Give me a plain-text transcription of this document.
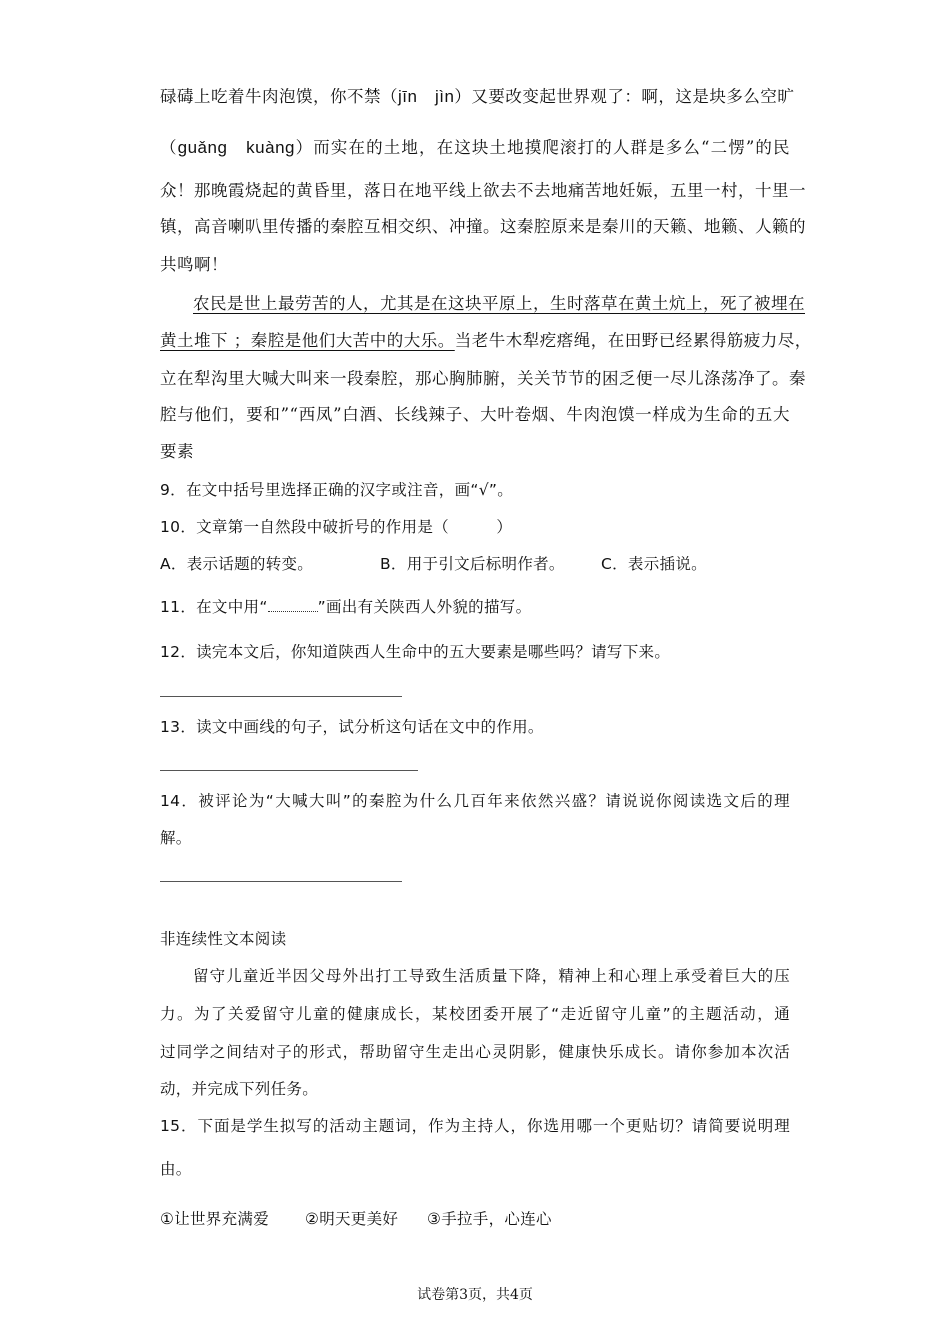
碌碡上吃着牛肉泡馍，你不禁（jīn　jìn）又要改变起世界观了：啊，这是块多么空旷
（guǎng　kuàng）而实在的土地，在这块土地摸爬滚打的人群是多么“二愣”的民
众！那晚霞烧起的黄昏里，落日在地平线上欲去不去地痛苦地妊娠，五里一村，十里一
镇，高音喇叭里传播的秦腔互相交织、冲撞。这秦腔原来是秦川的天籁、地籁、人籁的
共鸣啊！
农民是世上最劳苦的人，尤其是在这块平原上，生时落草在黄土炕上，死了被埋在
黄土堆下 ；秦腔是他们大苦中的大乐。当老牛木犁疙瘩绳，在田野已经累得筋疲力尽，
立在犁沟里大喊大叫来一段秦腔，那心胸肺腑，关关节节的困乏便一尽儿涤荡净了。秦
腔与他们，要和”“西凤”白酒、长线辣子、大叶卷烟、牛肉泡馍一样成为生命的五大
要素
9．在文中括号里选择正确的汉字或注音，画“√”。
10．文章第一自然段中破折号的作用是（　　　）
A．表示话题的转变。	B．用于引文后标明作者。 C．表示插说。
11．在文中用“	”画出有关陕西人外貌的描写。
12．读完本文后，你知道陕西人生命中的五大要素是哪些吗？请写下来。
13．读文中画线的句子，试分析这句话在文中的作用。
14．被评论为“大喊大叫”的秦腔为什么几百年来依然兴盛？请说说你阅读选文后的理
解。
非连续性文本阅读
留守儿童近半因父母外出打工导致生活质量下降，精神上和心理上承受着巨大的压
力。为了关爱留守儿童的健康成长，某校团委开展了“走近留守儿童”的主题活动，通
过同学之间结对子的形式，帮助留守生走出心灵阴影，健康快乐成长。请你参加本次活
动，并完成下列任务。
15．下面是学生拟写的活动主题词，作为主持人，你选用哪一个更贴切？请简要说明理
由。
①让世界充满爱 ②明天更美好 ③手拉手，心连心
试卷第3页，共4页
